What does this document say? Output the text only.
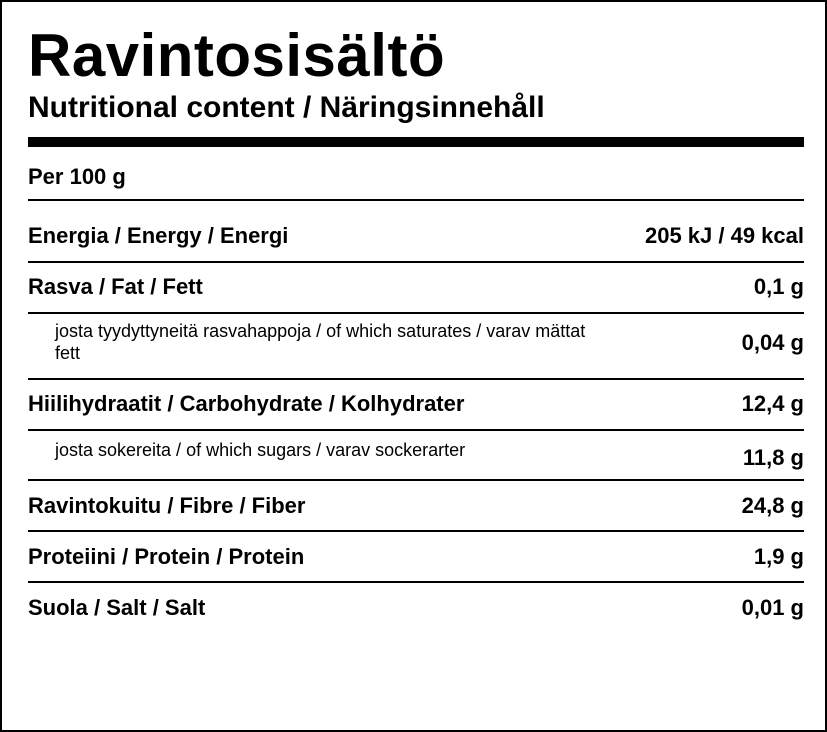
Ravintosisältö
Nutritional content / Näringsinnehåll
Per 100 g
Energia / Energy / Energi	205 kJ / 49 kcal
Rasva / Fat / Fett	0,1 g
josta tyydyttyneitä rasvahappoja / of which saturates / varav mättat fett	0,04 g
Hiilihydraatit / Carbohydrate / Kolhydrater	12,4 g
josta sokereita / of which sugars / varav sockerarter	11,8 g
Ravintokuitu / Fibre / Fiber	24,8 g
Proteiini / Protein / Protein	1,9 g
Suola / Salt / Salt	0,01 g
